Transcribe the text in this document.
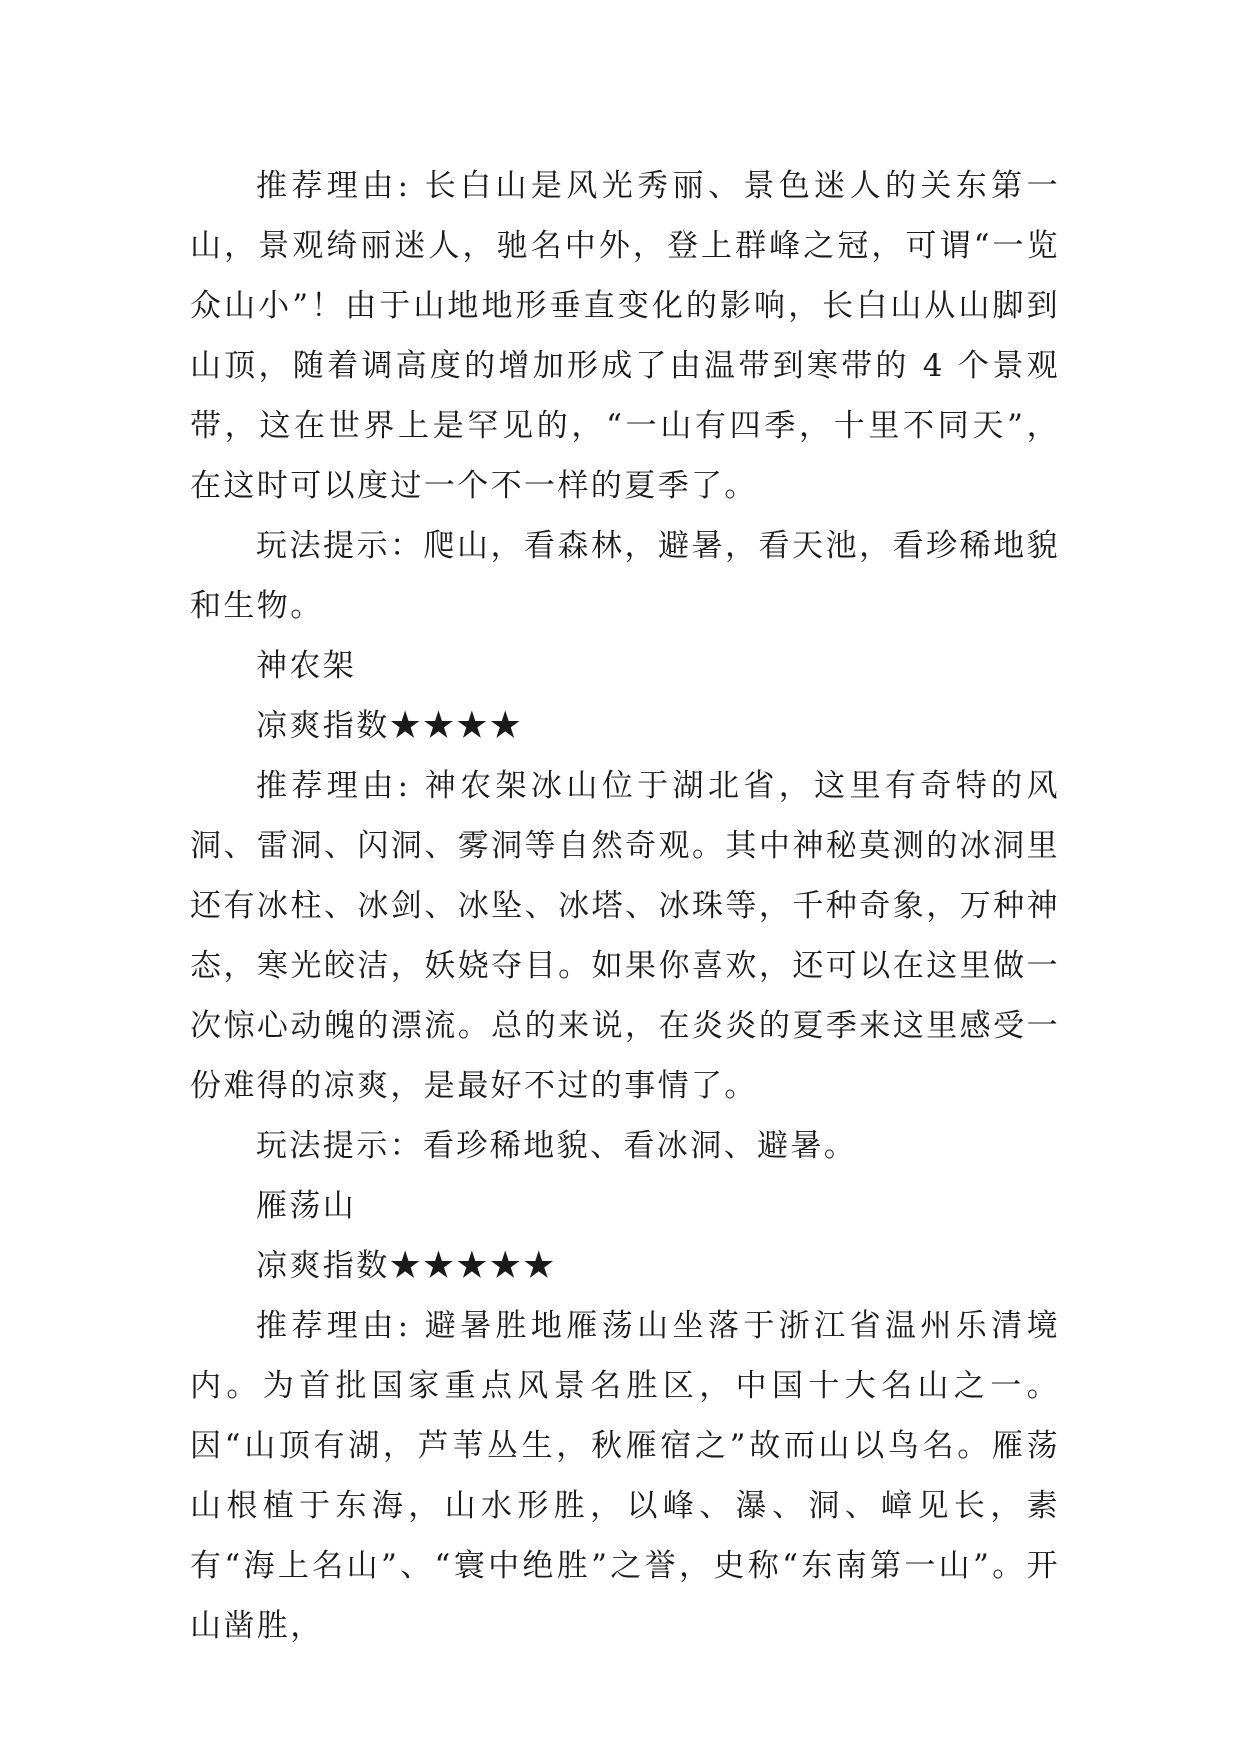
推荐理由: 长白山是风光秀丽、景色迷人的关东第一山，景观绮丽迷人，驰名中外，登上群峰之冠，可谓“一览众山小”！由于山地地形垂直变化的影响，长白山从山脚到山顶，随着调高度的增加形成了由温带到寒带的 4 个景观带，这在世界上是罕见的，“一山有四季，十里不同天”，在这时可以度过一个不一样的夏季了。

玩法提示：爬山，看森林，避暑，看天池，看珍稀地貌和生物。

神农架

凉爽指数★★★★

推荐理由: 神农架冰山位于湖北省，这里有奇特的风洞、雷洞、闪洞、雾洞等自然奇观。其中神秘莫测的冰洞里还有冰柱、冰剑、冰坠、冰塔、冰珠等，千种奇象，万种神态，寒光皎洁，妖娆夺目。如果你喜欢，还可以在这里做一次惊心动魄的漂流。总的来说，在炎炎的夏季来这里感受一份难得的凉爽，是最好不过的事情了。

玩法提示：看珍稀地貌、看冰洞、避暑。

雁荡山

凉爽指数★★★★★

推荐理由: 避暑胜地雁荡山坐落于浙江省温州乐清境内。为首批国家重点风景名胜区，中国十大名山之一。因“山顶有湖，芦苇丛生，秋雁宿之”故而山以鸟名。雁荡山根植于东海，山水形胜，以峰、瀑、洞、嶂见长，素有“海上名山”、“寰中绝胜”之誉，史称“东南第一山”。开山凿胜，
